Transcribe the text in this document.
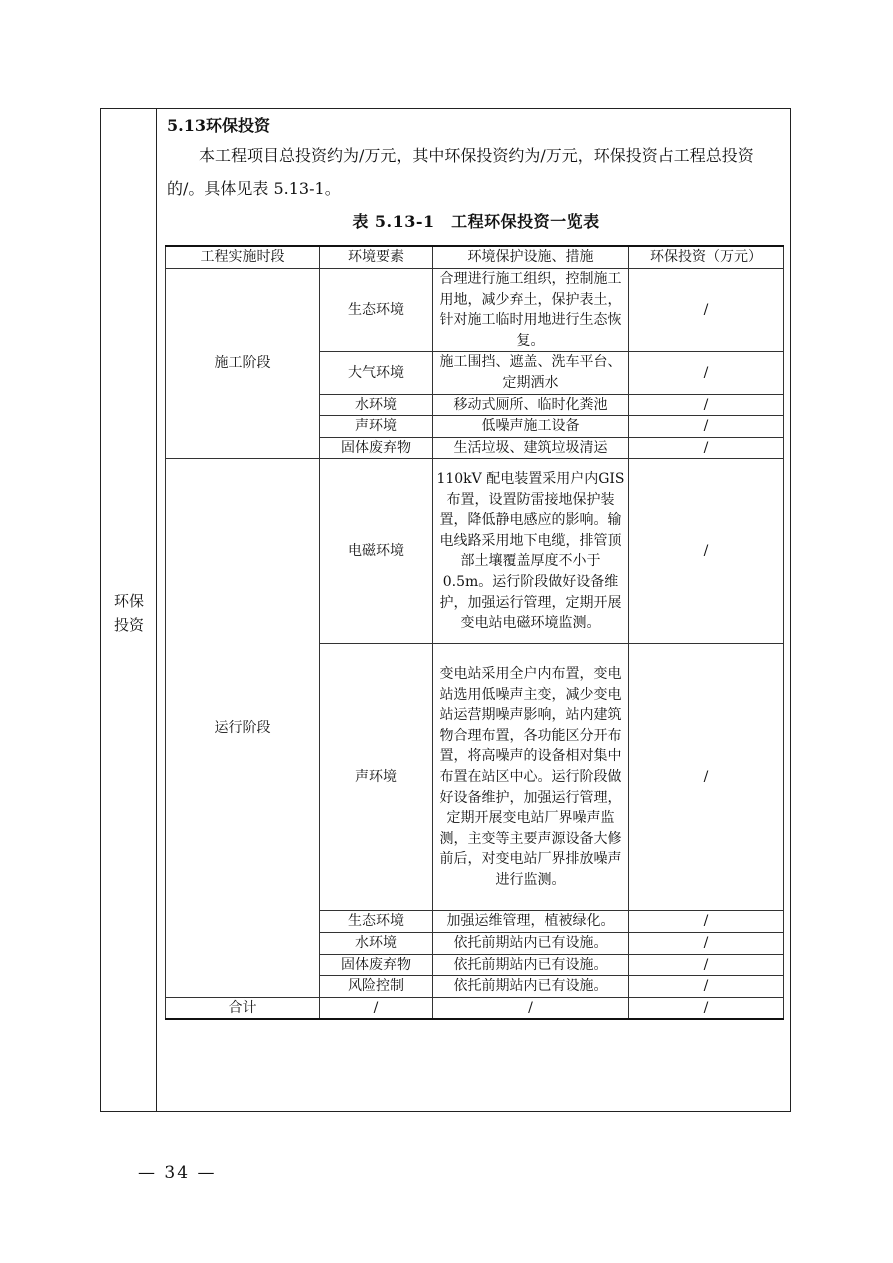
环保
投资
5.13环保投资
本工程项目总投资约为/万元，其中环保投资约为/万元，环保投资占工程总投资的/。具体见表 5.13-1。
表 5.13-1　工程环保投资一览表
工程实施时段	环境要素	环境保护设施、措施	环保投资（万元）
施工阶段	生态环境	合理进行施工组织，控制施工用地，减少弃土，保护表土，针对施工临时用地进行生态恢复。	/
	大气环境	施工围挡、遮盖、洗车平台、定期洒水	/
	水环境	移动式厕所、临时化粪池	/
	声环境	低噪声施工设备	/
	固体废弃物	生活垃圾、建筑垃圾清运	/
运行阶段	电磁环境	110kV 配电装置采用户内GIS 布置，设置防雷接地保护装置，降低静电感应的影响。输电线路采用地下电缆，排管顶部土壤覆盖厚度不小于 0.5m。运行阶段做好设备维护，加强运行管理，定期开展变电站电磁环境监测。	/
	声环境	变电站采用全户内布置，变电站选用低噪声主变，减少变电站运营期噪声影响，站内建筑物合理布置，各功能区分开布置，将高噪声的设备相对集中布置在站区中心。运行阶段做好设备维护，加强运行管理，定期开展变电站厂界噪声监测，主变等主要声源设备大修前后，对变电站厂界排放噪声进行监测。	/
	生态环境	加强运维管理，植被绿化。	/
	水环境	依托前期站内已有设施。	/
	固体废弃物	依托前期站内已有设施。	/
	风险控制	依托前期站内已有设施。	/
合计	/	/	/
— 34 —
